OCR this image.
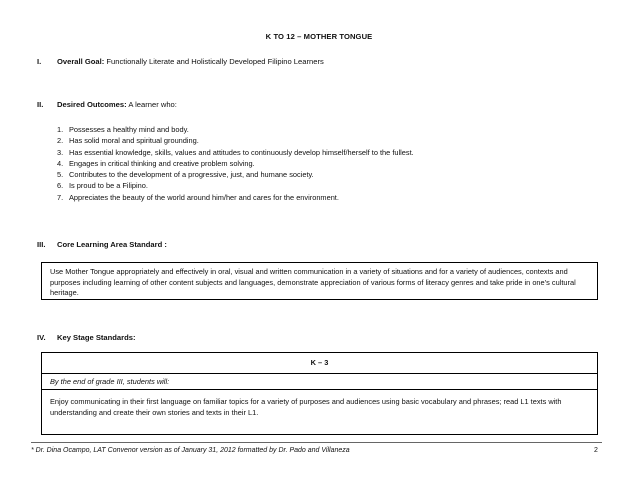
K TO 12 – MOTHER TONGUE
I. Overall Goal: Functionally Literate and Holistically Developed Filipino Learners
II. Desired Outcomes: A learner who:
1. Possesses a healthy mind and body.
2. Has solid moral and spiritual grounding.
3. Has essential knowledge, skills, values and attitudes to continuously develop himself/herself to the fullest.
4. Engages in critical thinking and creative problem solving.
5. Contributes to the development of a progressive, just, and humane society.
6. Is proud to be a Filipino.
7. Appreciates the beauty of the world around him/her and cares for the environment.
III. Core Learning Area Standard :
Use Mother Tongue appropriately and effectively in oral, visual and written communication in a variety of situations and for a variety of audiences, contexts and purposes including learning of other content subjects and languages, demonstrate appreciation of various forms of literacy genres and take pride in one’s cultural heritage.
IV. Key Stage Standards:
K – 3
By the end of grade III, students will:
Enjoy communicating in their first language on familiar topics for a variety of purposes and audiences using basic vocabulary and phrases; read L1 texts with understanding and create their own stories and texts in their L1.
* Dr. Dina Ocampo, LAT Convenor version as of January 31, 2012 formatted by Dr. Pado and Villaneza	2
